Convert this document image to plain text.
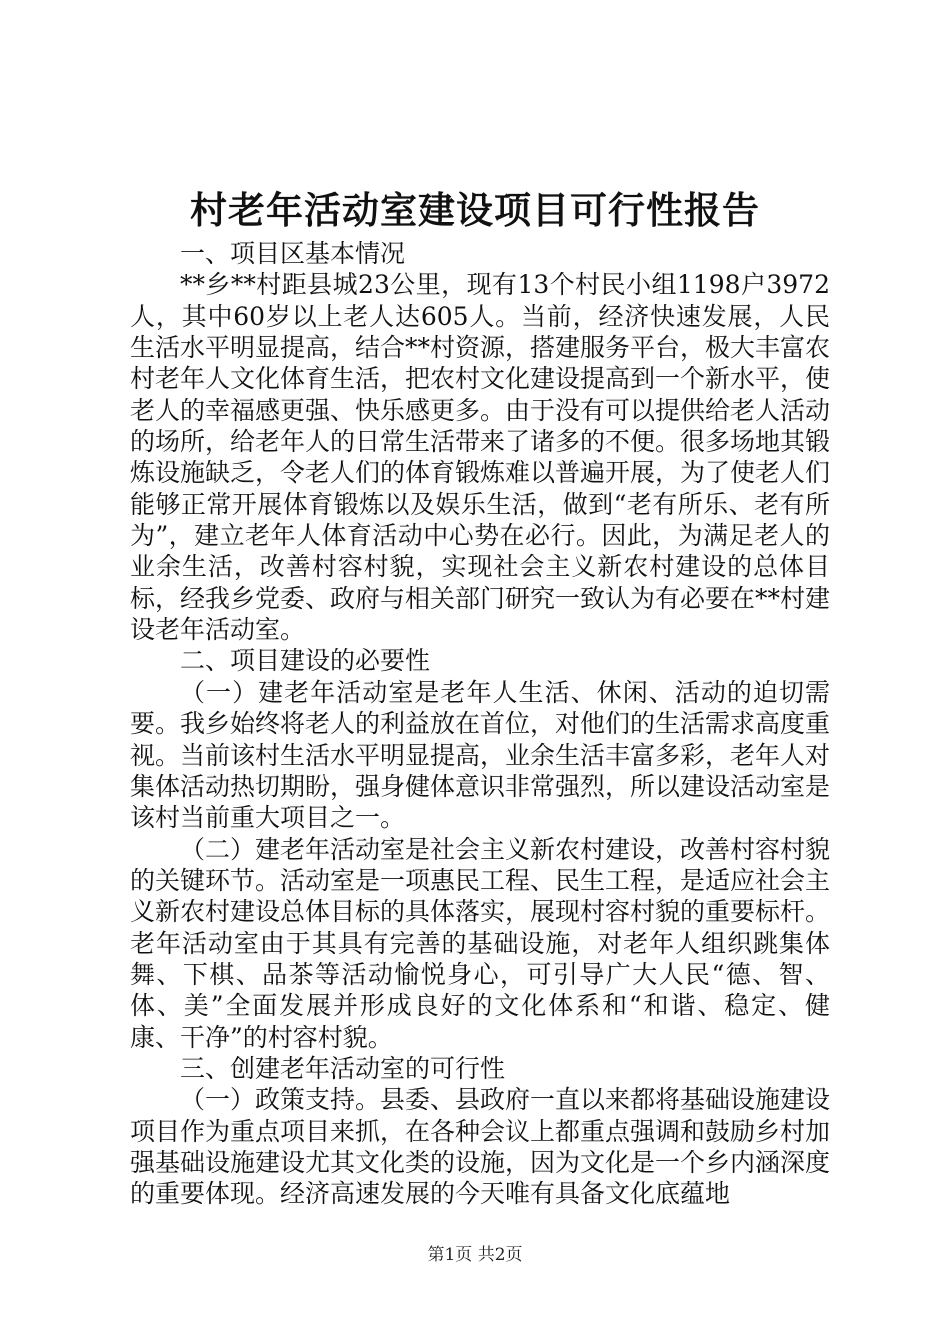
村老年活动室建设项目可行性报告

一、项目区基本情况

**乡**村距县城23公里，现有13个村民小组1198户3972人，其中60岁以上老人达605人。当前，经济快速发展，人民生活水平明显提高，结合**村资源，搭建服务平台，极大丰富农村老年人文化体育生活，把农村文化建设提高到一个新水平，使老人的幸福感更强、快乐感更多。由于没有可以提供给老人活动的场所，给老年人的日常生活带来了诸多的不便。很多场地其锻炼设施缺乏，令老人们的体育锻炼难以普遍开展，为了使老人们能够正常开展体育锻炼以及娱乐生活，做到“老有所乐、老有所为”，建立老年人体育活动中心势在必行。因此，为满足老人的业余生活，改善村容村貌，实现社会主义新农村建设的总体目标，经我乡党委、政府与相关部门研究一致认为有必要在**村建设老年活动室。

二、项目建设的必要性

（一）建老年活动室是老年人生活、休闲、活动的迫切需要。我乡始终将老人的利益放在首位，对他们的生活需求高度重视。当前该村生活水平明显提高，业余生活丰富多彩，老年人对集体活动热切期盼，强身健体意识非常强烈，所以建设活动室是该村当前重大项目之一。

（二）建老年活动室是社会主义新农村建设，改善村容村貌的关键环节。活动室是一项惠民工程、民生工程，是适应社会主义新农村建设总体目标的具体落实，展现村容村貌的重要标杆。老年活动室由于其具有完善的基础设施，对老年人组织跳集体舞、下棋、品茶等活动愉悦身心，可引导广大人民“德、智、体、美”全面发展并形成良好的文化体系和“和谐、稳定、健康、干净”的村容村貌。

三、创建老年活动室的可行性

（一）政策支持。县委、县政府一直以来都将基础设施建设项目作为重点项目来抓，在各种会议上都重点强调和鼓励乡村加强基础设施建设尤其文化类的设施，因为文化是一个乡内涵深度的重要体现。经济高速发展的今天唯有具备文化底蕴地

第1页 共2页
